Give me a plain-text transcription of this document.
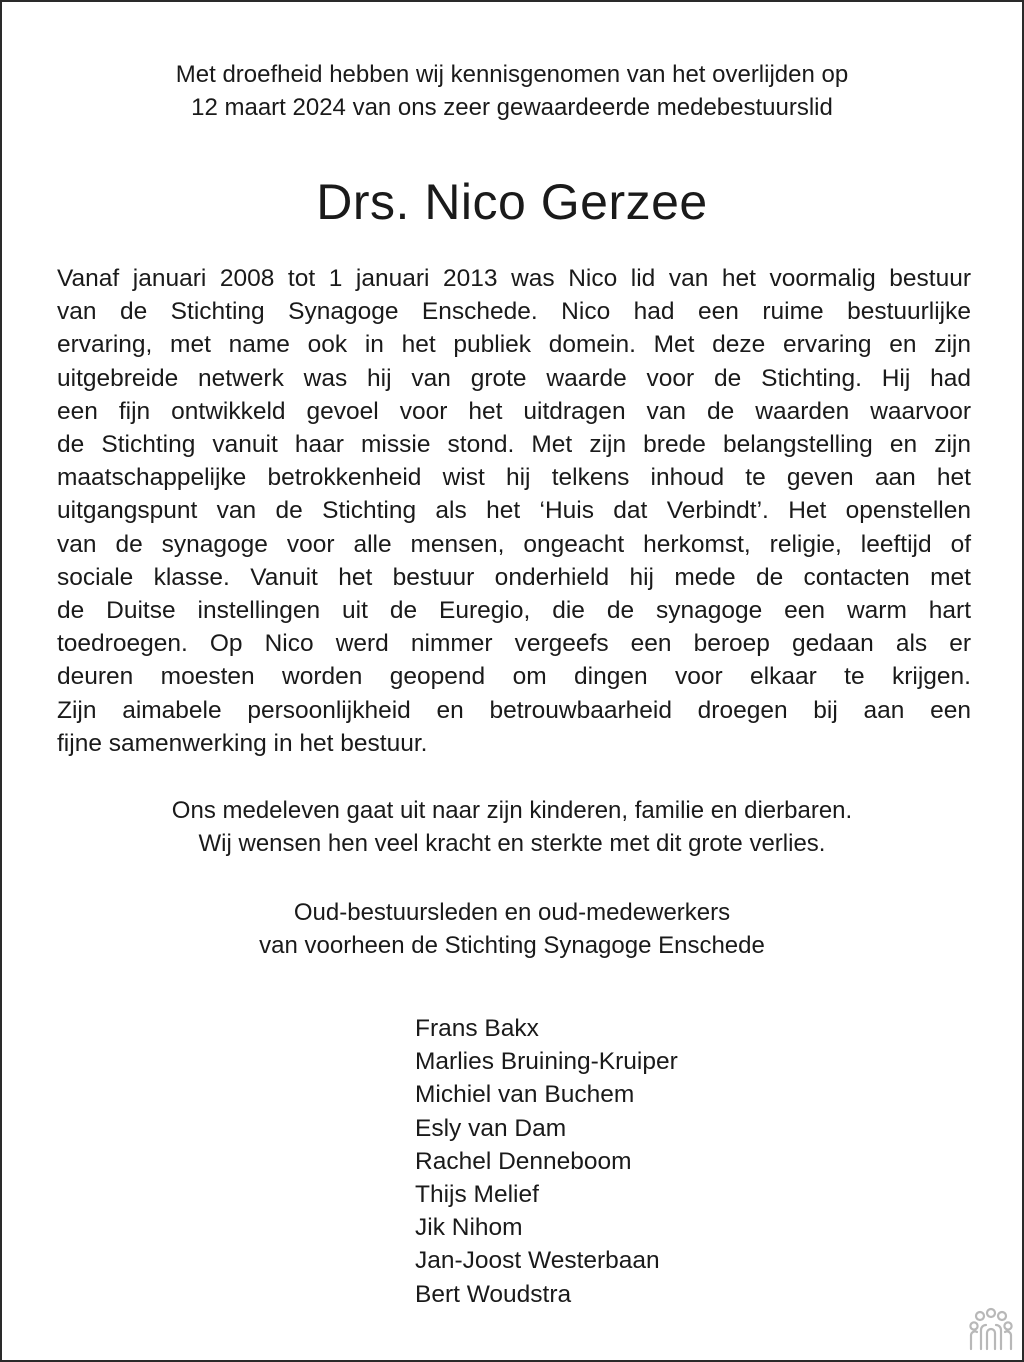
Met droefheid hebben wij kennisgenomen van het overlijden op
12 maart 2024 van ons zeer gewaardeerde medebestuurslid
Drs. Nico Gerzee
Vanaf januari 2008 tot 1 januari 2013 was Nico lid van het voormalig bestuur
van de Stichting Synagoge Enschede. Nico had een ruime bestuurlijke
ervaring, met name ook in het publiek domein. Met deze ervaring en zijn
uitgebreide netwerk was hij van grote waarde voor de Stichting. Hij had
een fijn ontwikkeld gevoel voor het uitdragen van de waarden waarvoor
de Stichting vanuit haar missie stond. Met zijn brede belangstelling en zijn
maatschappelijke betrokkenheid wist hij telkens inhoud te geven aan het
uitgangspunt van de Stichting als het ‘Huis dat Verbindt’. Het openstellen
van de synagoge voor alle mensen, ongeacht herkomst, religie, leeftijd of
sociale klasse. Vanuit het bestuur onderhield hij mede de contacten met
de Duitse instellingen uit de Euregio, die de synagoge een warm hart
toedroegen. Op Nico werd nimmer vergeefs een beroep gedaan als er
deuren moesten worden geopend om dingen voor elkaar te krijgen.
Zijn aimabele persoonlijkheid en betrouwbaarheid droegen bij aan een
fijne samenwerking in het bestuur.
Ons medeleven gaat uit naar zijn kinderen, familie en dierbaren.
Wij wensen hen veel kracht en sterkte met dit grote verlies.
Oud-bestuursleden en oud-medewerkers
van voorheen de Stichting Synagoge Enschede
Frans Bakx
Marlies Bruining-Kruiper
Michiel van Buchem
Esly van Dam
Rachel Denneboom
Thijs Melief
Jik Nihom
Jan-Joost Westerbaan
Bert Woudstra
